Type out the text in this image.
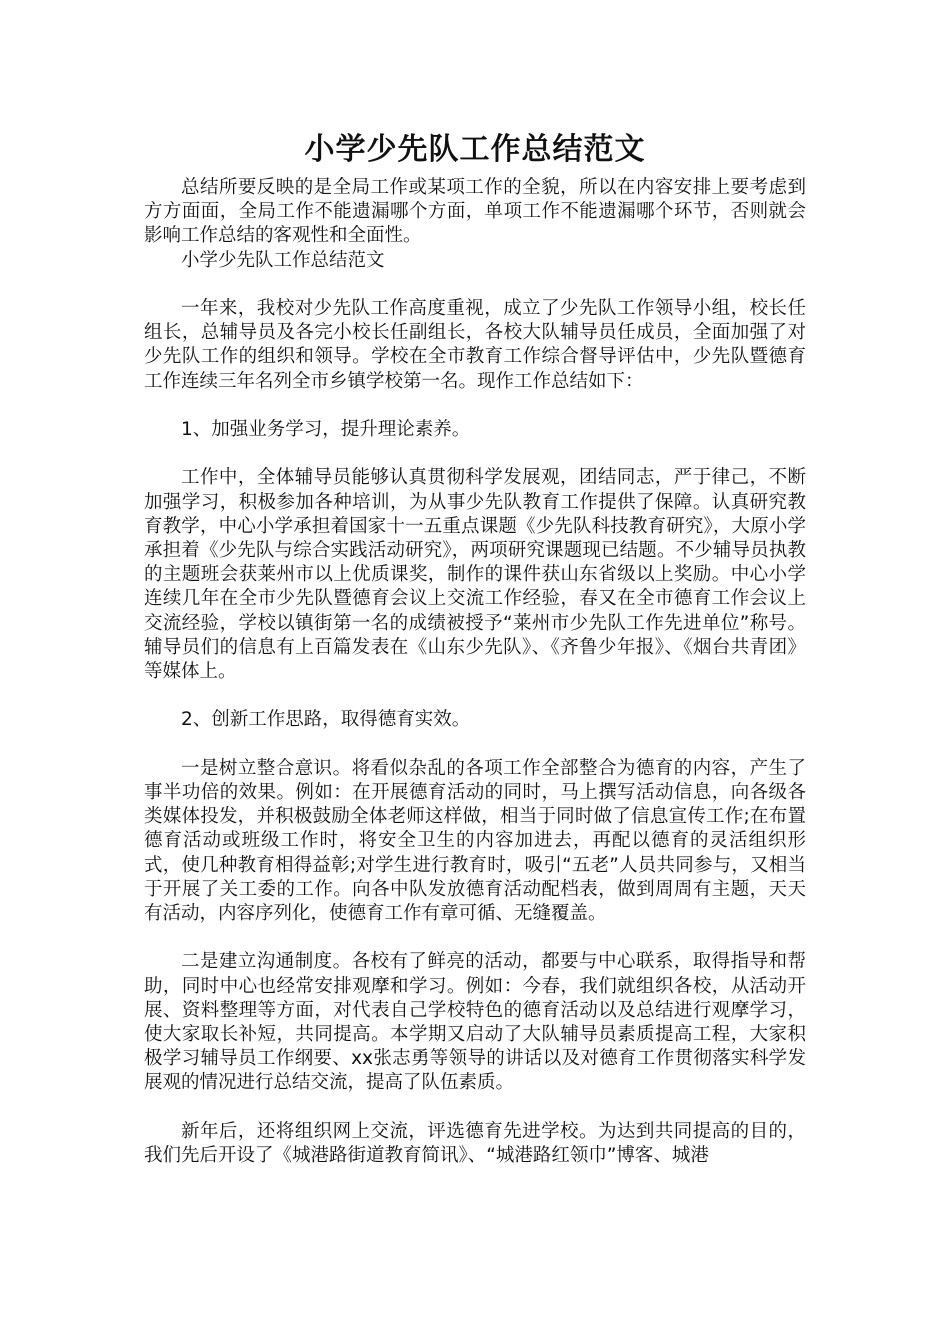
小学少先队工作总结范文

总结所要反映的是全局工作或某项工作的全貌，所以在内容安排上要考虑到方方面面，全局工作不能遗漏哪个方面，单项工作不能遗漏哪个环节，否则就会影响工作总结的客观性和全面性。

小学少先队工作总结范文

一年来，我校对少先队工作高度重视，成立了少先队工作领导小组，校长任组长，总辅导员及各完小校长任副组长，各校大队辅导员任成员，全面加强了对少先队工作的组织和领导。学校在全市教育工作综合督导评估中，少先队暨德育工作连续三年名列全市乡镇学校第一名。现作工作总结如下：

1、加强业务学习，提升理论素养。

工作中，全体辅导员能够认真贯彻科学发展观，团结同志，严于律己，不断加强学习，积极参加各种培训，为从事少先队教育工作提供了保障。认真研究教育教学，中心小学承担着国家十一五重点课题《少先队科技教育研究》，大原小学承担着《少先队与综合实践活动研究》，两项研究课题现已结题。不少辅导员执教的主题班会获莱州市以上优质课奖，制作的课件获山东省级以上奖励。中心小学连续几年在全市少先队暨德育会议上交流工作经验，春又在全市德育工作会议上交流经验，学校以镇街第一名的成绩被授予“莱州市少先队工作先进单位”称号。辅导员们的信息有上百篇发表在《山东少先队》、《齐鲁少年报》、《烟台共青团》等媒体上。

2、创新工作思路，取得德育实效。

一是树立整合意识。将看似杂乱的各项工作全部整合为德育的内容，产生了事半功倍的效果。例如：在开展德育活动的同时，马上撰写活动信息，向各级各类媒体投发，并积极鼓励全体老师这样做，相当于同时做了信息宣传工作;在布置德育活动或班级工作时，将安全卫生的内容加进去，再配以德育的灵活组织形式，使几种教育相得益彰;对学生进行教育时，吸引“五老”人员共同参与，又相当于开展了关工委的工作。向各中队发放德育活动配档表，做到周周有主题，天天有活动，内容序列化，使德育工作有章可循、无缝覆盖。

二是建立沟通制度。各校有了鲜亮的活动，都要与中心联系，取得指导和帮助，同时中心也经常安排观摩和学习。例如：今春，我们就组织各校，从活动开展、资料整理等方面，对代表自己学校特色的德育活动以及总结进行观摩学习，使大家取长补短，共同提高。本学期又启动了大队辅导员素质提高工程，大家积极学习辅导员工作纲要、xx张志勇等领导的讲话以及对德育工作贯彻落实科学发展观的情况进行总结交流，提高了队伍素质。

新年后，还将组织网上交流，评选德育先进学校。为达到共同提高的目的，我们先后开设了《城港路街道教育简讯》、“城港路红领巾”博客、城港
